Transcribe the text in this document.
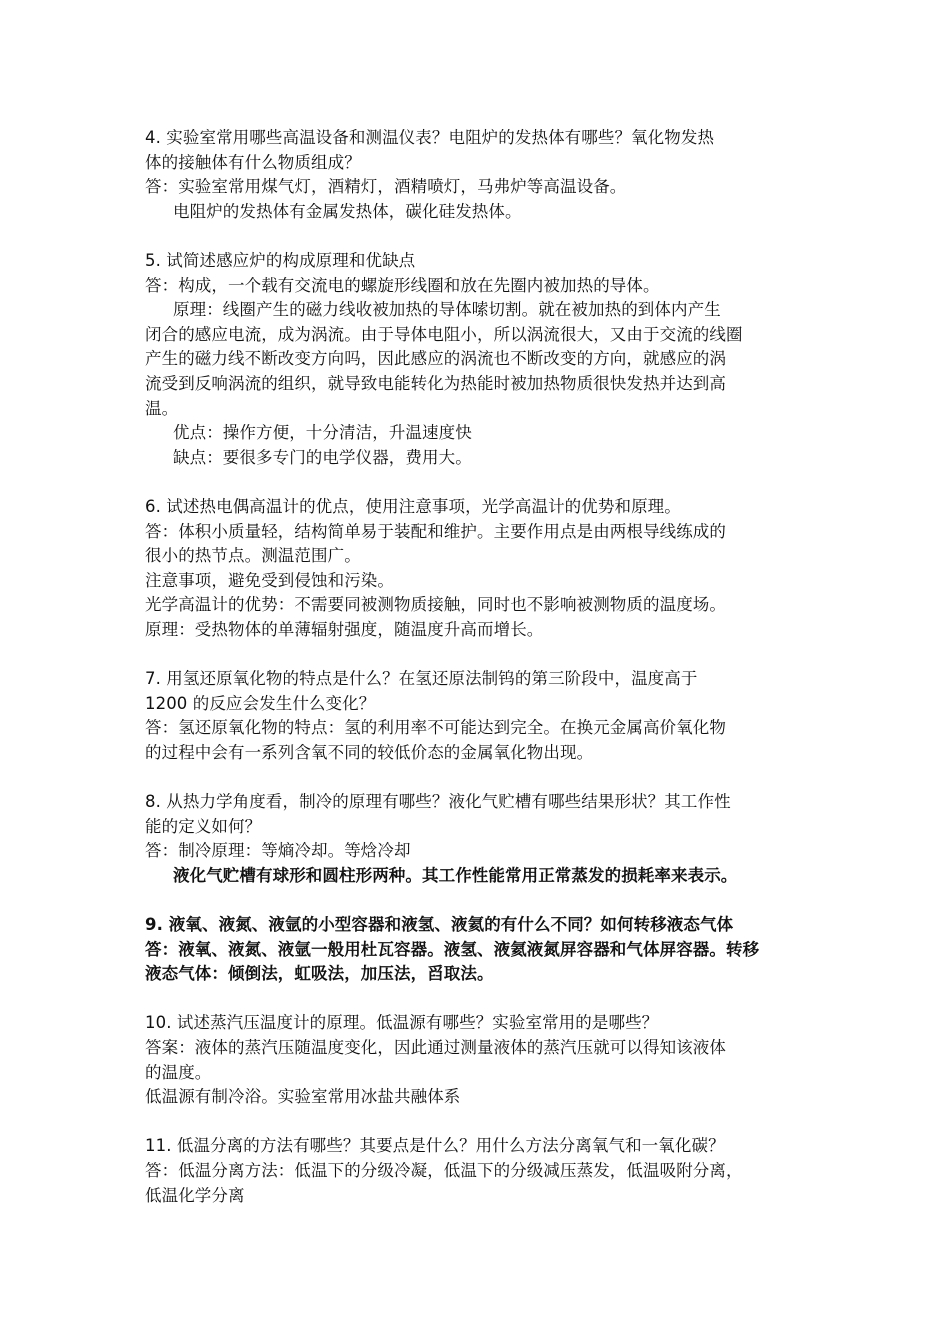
4. 实验室常用哪些高温设备和测温仪表？电阻炉的发热体有哪些？氧化物发热
体的接触体有什么物质组成？
答：实验室常用煤气灯，酒精灯，酒精喷灯，马弗炉等高温设备。
电阻炉的发热体有金属发热体，碳化硅发热体。
5. 试简述感应炉的构成原理和优缺点
答：构成，一个载有交流电的螺旋形线圈和放在先圈内被加热的导体。
原理：线圈产生的磁力线收被加热的导体嗦切割。就在被加热的到体内产生
闭合的感应电流，成为涡流。由于导体电阻小，所以涡流很大，又由于交流的线圈
产生的磁力线不断改变方向吗，因此感应的涡流也不断改变的方向，就感应的涡
流受到反响涡流的组织，就导致电能转化为热能时被加热物质很快发热并达到高
温。
优点：操作方便，十分清洁，升温速度快
缺点：要很多专门的电学仪器，费用大。
6. 试述热电偶高温计的优点，使用注意事项，光学高温计的优势和原理。
答：体积小质量轻，结构简单易于装配和维护。主要作用点是由两根导线练成的
很小的热节点。测温范围广。
注意事项，避免受到侵蚀和污染。
光学高温计的优势：不需要同被测物质接触，同时也不影响被测物质的温度场。
原理：受热物体的单薄辐射强度，随温度升高而增长。
7. 用氢还原氧化物的特点是什么？在氢还原法制钨的第三阶段中，温度高于
1200 的反应会发生什么变化？
答：氢还原氧化物的特点：氢的利用率不可能达到完全。在换元金属高价氧化物
的过程中会有一系列含氧不同的较低价态的金属氧化物出现。
8. 从热力学角度看，制冷的原理有哪些？液化气贮槽有哪些结果形状？其工作性
能的定义如何？
答：制冷原理：等熵冷却。等焓冷却
液化气贮槽有球形和圆柱形两种。其工作性能常用正常蒸发的损耗率来表示。
9. 液氧、液氮、液氩的小型容器和液氢、液氦的有什么不同？如何转移液态气体
答：液氧、液氮、液氩一般用杜瓦容器。液氢、液氦液氮屏容器和气体屏容器。转移
液态气体：倾倒法，虹吸法，加压法，舀取法。
10. 试述蒸汽压温度计的原理。低温源有哪些？实验室常用的是哪些？
答案：液体的蒸汽压随温度变化，因此通过测量液体的蒸汽压就可以得知该液体
的温度。
低温源有制冷浴。实验室常用冰盐共融体系
11. 低温分离的方法有哪些？其要点是什么？用什么方法分离氧气和一氧化碳？
答：低温分离方法：低温下的分级冷凝，低温下的分级减压蒸发，低温吸附分离，
低温化学分离
